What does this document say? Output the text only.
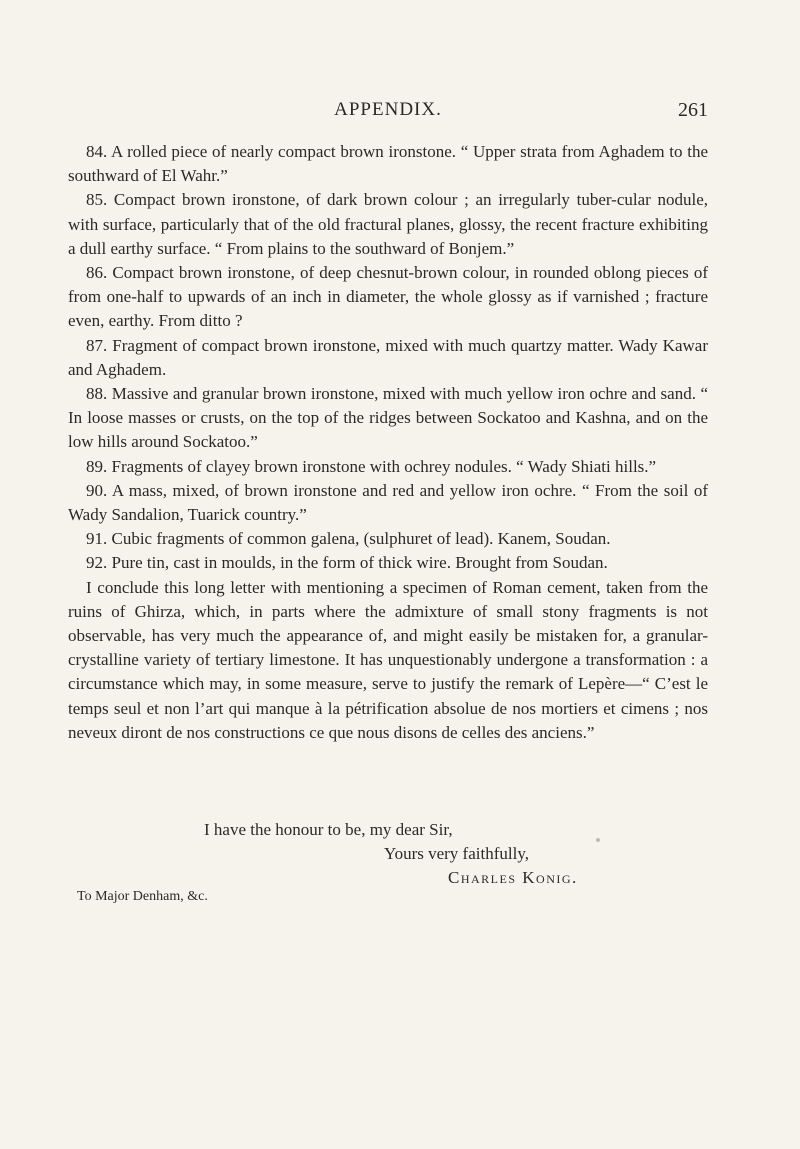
APPENDIX.	261

84. A rolled piece of nearly compact brown ironstone. “ Upper strata from Aghadem to the southward of El Wahr.”

85. Compact brown ironstone, of dark brown colour ; an irregularly tuber-cular nodule, with surface, particularly that of the old fractural planes, glossy, the recent fracture exhibiting a dull earthy surface. “ From plains to the southward of Bonjem.”

86. Compact brown ironstone, of deep chesnut-brown colour, in rounded oblong pieces of from one-half to upwards of an inch in diameter, the whole glossy as if varnished ; fracture even, earthy. From ditto ?

87. Fragment of compact brown ironstone, mixed with much quartzy matter. Wady Kawar and Aghadem.

88. Massive and granular brown ironstone, mixed with much yellow iron ochre and sand. “ In loose masses or crusts, on the top of the ridges between Sockatoo and Kashna, and on the low hills around Sockatoo.”

89. Fragments of clayey brown ironstone with ochrey nodules. “ Wady Shiati hills.”

90. A mass, mixed, of brown ironstone and red and yellow iron ochre. “ From the soil of Wady Sandalion, Tuarick country.”

91. Cubic fragments of common galena, (sulphuret of lead). Kanem, Soudan.

92. Pure tin, cast in moulds, in the form of thick wire. Brought from Soudan.

I conclude this long letter with mentioning a specimen of Roman cement, taken from the ruins of Ghirza, which, in parts where the admixture of small stony fragments is not observable, has very much the appearance of, and might easily be mistaken for, a granular-crystalline variety of tertiary limestone. It has unquestionably undergone a transformation : a circumstance which may, in some measure, serve to justify the remark of Lepère—“ C’est le temps seul et non l’art qui manque à la pétrification absolue de nos mortiers et cimens ; nos neveux diront de nos constructions ce que nous disons de celles des anciens.”

I have the honour to be, my dear Sir,
Yours very faithfully,
Charles Konig.
To Major Denham, &c.
